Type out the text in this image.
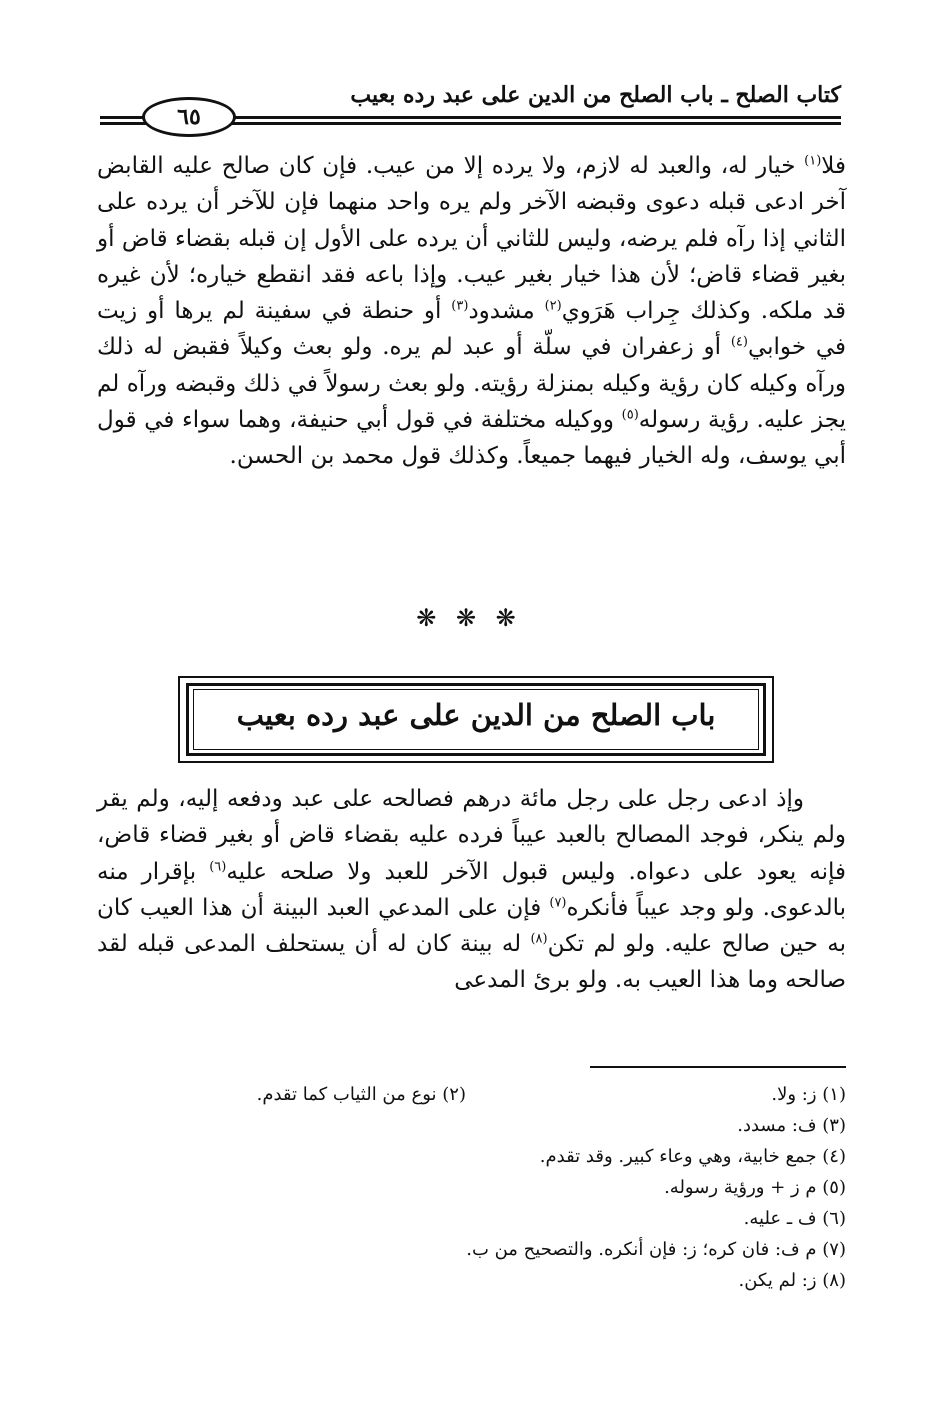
كتاب الصلح ـ باب الصلح من الدين على عبد رده بعيب
٦٥

فلا$^{(١)}$ خيار له، والعبد له لازم، ولا يرده إلا من عيب. فإن كان صالح عليه القابض آخر ادعى قبله دعوى وقبضه الآخر ولم يره واحد منهما فإن للآخر أن يرده على الثاني إذا رآه فلم يرضه، وليس للثاني أن يرده على الأول إن قبله بقضاء قاض أو بغير قضاء قاض؛ لأن هذا خيار بغير عيب. وإذا باعه فقد انقطع خياره؛ لأن غيره قد ملكه. وكذلك جِراب هَرَوي$^{(٢)}$ مشدود$^{(٣)}$ أو حنطة في سفينة لم يرها أو زيت في خوابي$^{(٤)}$ أو زعفران في سلّة أو عبد لم يره. ولو بعث وكيلاً فقبض له ذلك ورآه وكيله كان رؤية وكيله بمنزلة رؤيته. ولو بعث رسولاً في ذلك وقبضه ورآه لم يجز عليه. رؤية رسوله$^{(٥)}$ ووكيله مختلفة في قول أبي حنيفة، وهما سواء في قول أبي يوسف، وله الخيار فيهما جميعاً. وكذلك قول محمد بن الحسن.

❋ ❋ ❋
باب الصلح من الدين على عبد رده بعيب

وإذ ادعى رجل على رجل مائة درهم فصالحه على عبد ودفعه إليه، ولم يقر ولم ينكر، فوجد المصالح بالعبد عيباً فرده عليه بقضاء قاض أو بغير قضاء قاض، فإنه يعود على دعواه. وليس قبول الآخر للعبد ولا صلحه عليه$^{(٦)}$ بإقرار منه بالدعوى. ولو وجد عيباً فأنكره$^{(٧)}$ فإن على المدعي العبد البينة أن هذا العيب كان به حين صالح عليه. ولو لم تكن$^{(٨)}$ له بينة كان له أن يستحلف المدعى قبله لقد صالحه وما هذا العيب به. ولو برئ المدعى

(١) ز: ولا.
(٢) نوع من الثياب كما تقدم.
(٣) ف: مسدد.
(٤) جمع خابية، وهي وعاء كبير. وقد تقدم.
(٥) م ز + ورؤية رسوله.
(٦) ف ـ عليه.
(٧) م ف: فان كره؛ ز: فإن أنكره. والتصحيح من ب.
(٨) ز: لم يكن.
